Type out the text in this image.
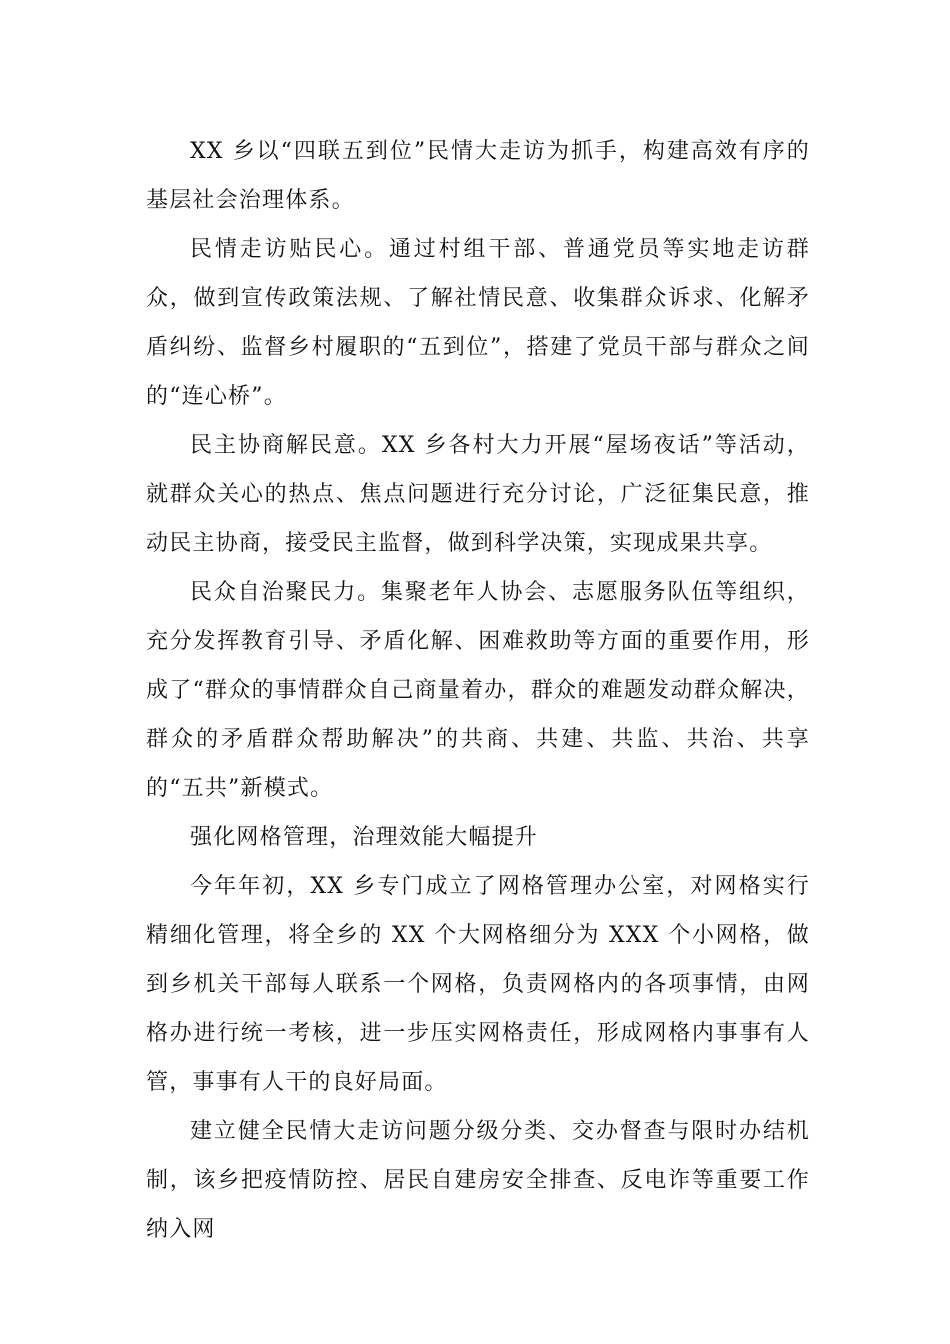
XX 乡以“四联五到位”民情大走访为抓手，构建高效有序的基层社会治理体系。

民情走访贴民心。通过村组干部、普通党员等实地走访群众，做到宣传政策法规、了解社情民意、收集群众诉求、化解矛盾纠纷、监督乡村履职的“五到位”，搭建了党员干部与群众之间的“连心桥”。

民主协商解民意。XX 乡各村大力开展“屋场夜话”等活动，就群众关心的热点、焦点问题进行充分讨论，广泛征集民意，推动民主协商，接受民主监督，做到科学决策，实现成果共享。

民众自治聚民力。集聚老年人协会、志愿服务队伍等组织，充分发挥教育引导、矛盾化解、困难救助等方面的重要作用，形成了“群众的事情群众自己商量着办，群众的难题发动群众解决，群众的矛盾群众帮助解决”的共商、共建、共监、共治、共享的“五共”新模式。

强化网格管理，治理效能大幅提升

今年年初，XX 乡专门成立了网格管理办公室，对网格实行精细化管理，将全乡的 XX 个大网格细分为 XXX 个小网格，做到乡机关干部每人联系一个网格，负责网格内的各项事情，由网格办进行统一考核，进一步压实网格责任，形成网格内事事有人管，事事有人干的良好局面。

建立健全民情大走访问题分级分类、交办督查与限时办结机制，该乡把疫情防控、居民自建房安全排查、反电诈等重要工作纳入网
